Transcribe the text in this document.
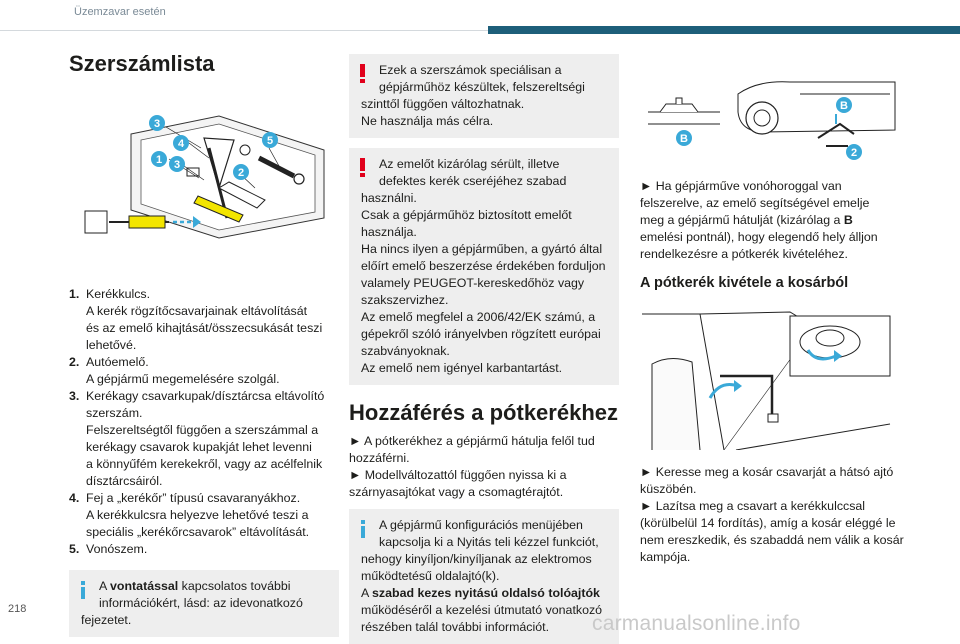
Üzemzavar esetén
Szerszámlista
1
3
4
3
2
5
1. Kerékkulcs.
A kerék rögzítőcsavarjainak eltávolítását
és az emelő kihajtását/összecsukását teszi
lehetővé.
2. Autóemelő.
A gépjármű megemelésére szolgál.
3. Kerékagy csavarkupak/dísztárcsa eltávolító
szerszám.
Felszereltségtől függően a szerszámmal a
kerékagy csavarok kupakját lehet levenni
a könnyűfém kerekekről, vagy az acélfelnik
dísztárcsáiról.
4. Fej a „kerékőr” típusú csavaranyákhoz.
A kerékkulcsra helyezve lehetővé teszi a
speciális „kerékőrcsavarok” eltávolítását.
5. Vonószem.
A vontatással kapcsolatos további
információkért, lásd: az idevonatkozó
fejezetet.
Ezek a szerszámok speciálisan a
gépjárműhöz készültek, felszereltségi
szinttől függően változhatnak.
Ne használja más célra.
Az emelőt kizárólag sérült, illetve
defektes kerék cseréjéhez szabad
használni.
Csak a gépjárműhöz biztosított emelőt
használja.
Ha nincs ilyen a gépjárműben, a gyártó által
előírt emelő beszerzése érdekében forduljon
valamely PEUGEOT-kereskedőhöz vagy
szakszervizhez.
Az emelő megfelel a 2006/42/EK számú, a
gépekről szóló irányelvben rögzített európai
szabványoknak.
Az emelő nem igényel karbantartást.
Hozzáférés a pótkerékhez
► A pótkerékhez a gépjármű hátulja felől tud
hozzáférni.
► Modellváltozattól függően nyissa ki a
szárnyasajtókat vagy a csomagtérajtót.
A gépjármű konfigurációs menüjében
kapcsolja ki a Nyitás teli kézzel funkciót,
nehogy kinyíljon/kinyíljanak az elektromos
működtetésű oldalajtó(k).
A szabad kezes nyitású oldalsó tolóajtók
működéséről a kezelési útmutató vonatkozó
részében talál további információt.
B
B
2
► Ha gépjárműve vonóhoroggal van
felszerelve, az emelő segítségével emelje
meg a gépjármű hátulját (kizárólag a B
emelési pontnál), hogy elegendő hely álljon
rendelkezésre a pótkerék kivételéhez.
A pótkerék kivétele a kosárból
► Keresse meg a kosár csavarját a hátsó ajtó
küszöbén.
► Lazítsa meg a csavart a kerékkulccsal
(körülbelül 14 fordítás), amíg a kosár eléggé le
nem ereszkedik, és szabaddá nem válik a kosár
kampója.
218
carmanualsonline.info
